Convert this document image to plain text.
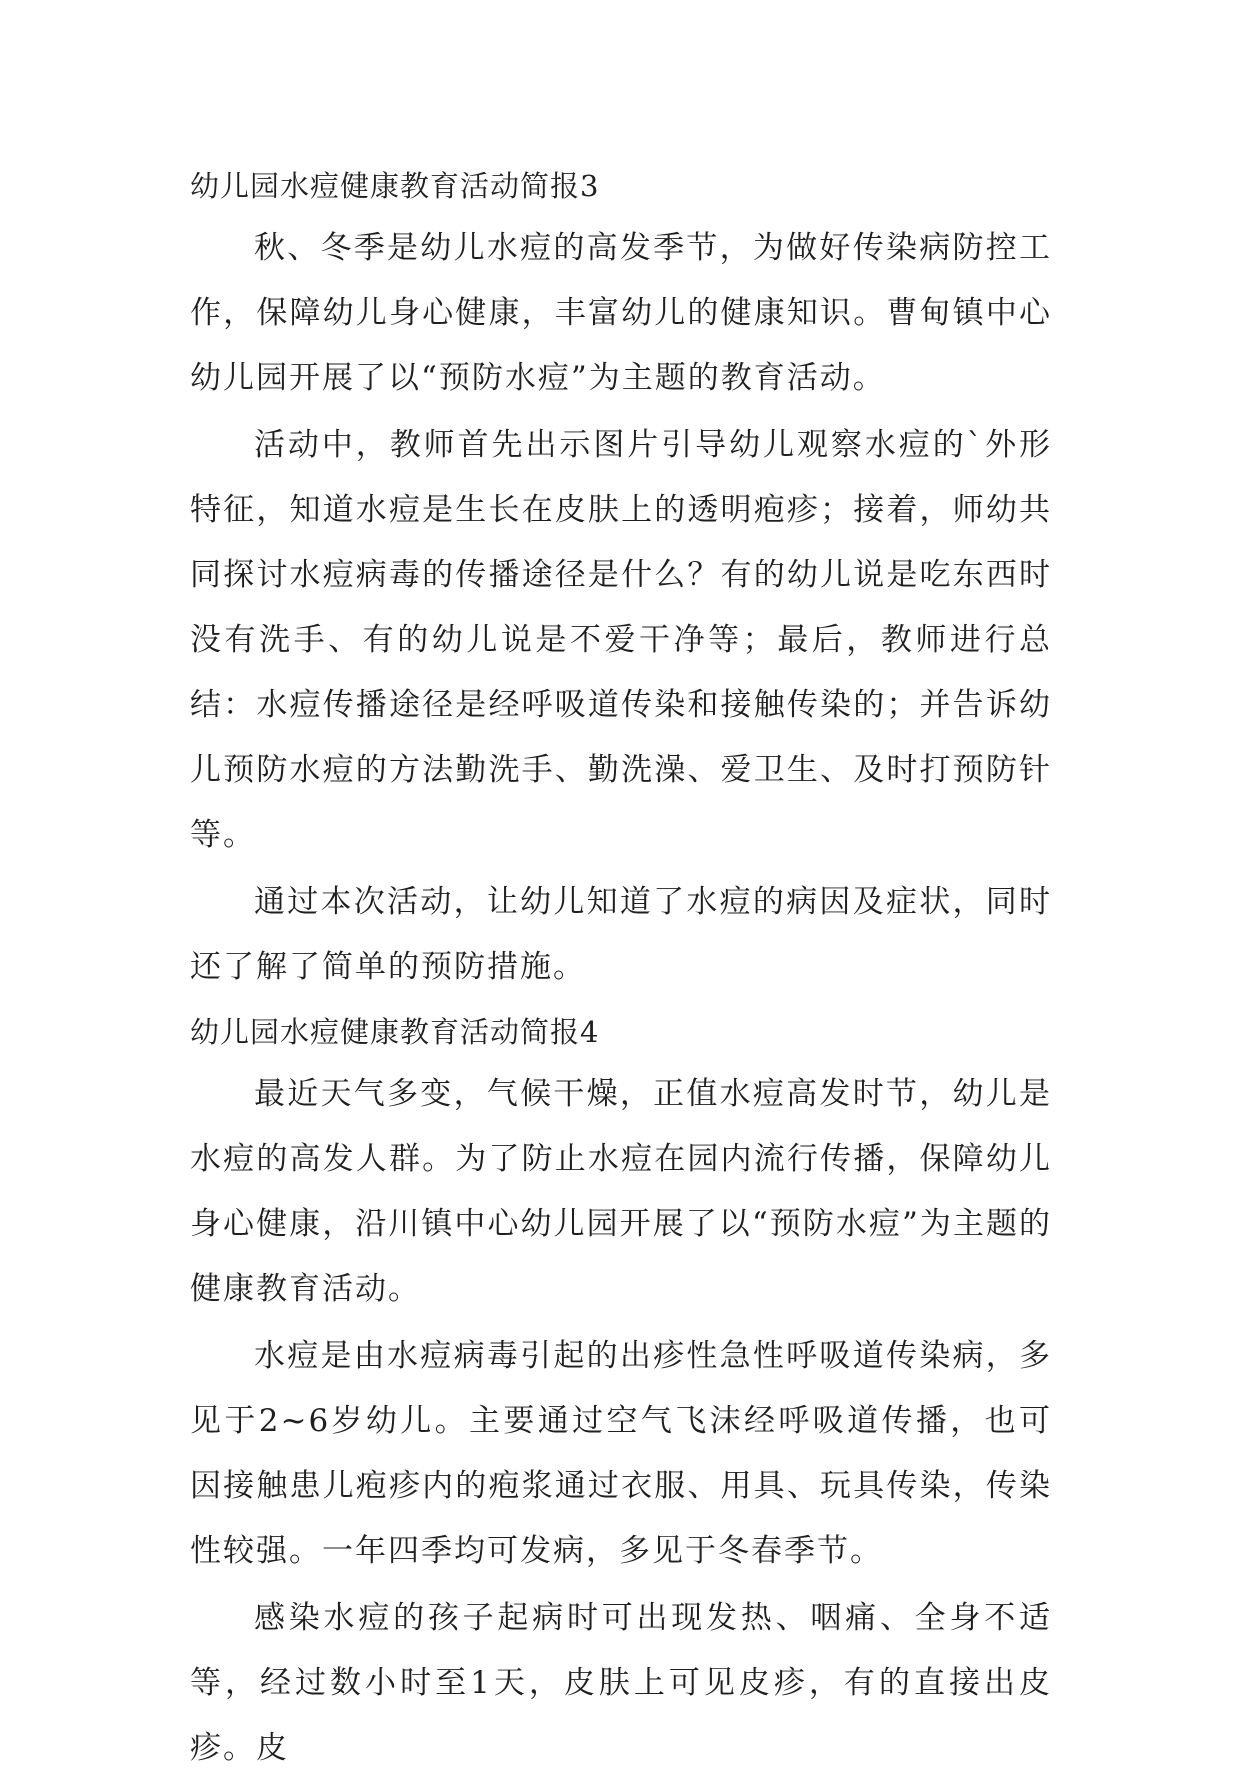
幼儿园水痘健康教育活动简报3

秋、冬季是幼儿水痘的高发季节，为做好传染病防控工作，保障幼儿身心健康，丰富幼儿的健康知识。曹甸镇中心幼儿园开展了以“预防水痘”为主题的教育活动。

活动中，教师首先出示图片引导幼儿观察水痘的`外形特征，知道水痘是生长在皮肤上的透明疱疹；接着，师幼共同探讨水痘病毒的传播途径是什么？有的幼儿说是吃东西时没有洗手、有的幼儿说是不爱干净等；最后，教师进行总结：水痘传播途径是经呼吸道传染和接触传染的；并告诉幼儿预防水痘的方法勤洗手、勤洗澡、爱卫生、及时打预防针等。

通过本次活动，让幼儿知道了水痘的病因及症状，同时还了解了简单的预防措施。

幼儿园水痘健康教育活动简报4

最近天气多变，气候干燥，正值水痘高发时节，幼儿是水痘的高发人群。为了防止水痘在园内流行传播，保障幼儿身心健康，沿川镇中心幼儿园开展了以“预防水痘”为主题的健康教育活动。

水痘是由水痘病毒引起的出疹性急性呼吸道传染病，多见于2~6岁幼儿。主要通过空气飞沫经呼吸道传播，也可因接触患儿疱疹内的疱浆通过衣服、用具、玩具传染，传染性较强。一年四季均可发病，多见于冬春季节。

感染水痘的孩子起病时可出现发热、咽痛、全身不适等，经过数小时至1天，皮肤上可见皮疹，有的直接出皮疹。皮
